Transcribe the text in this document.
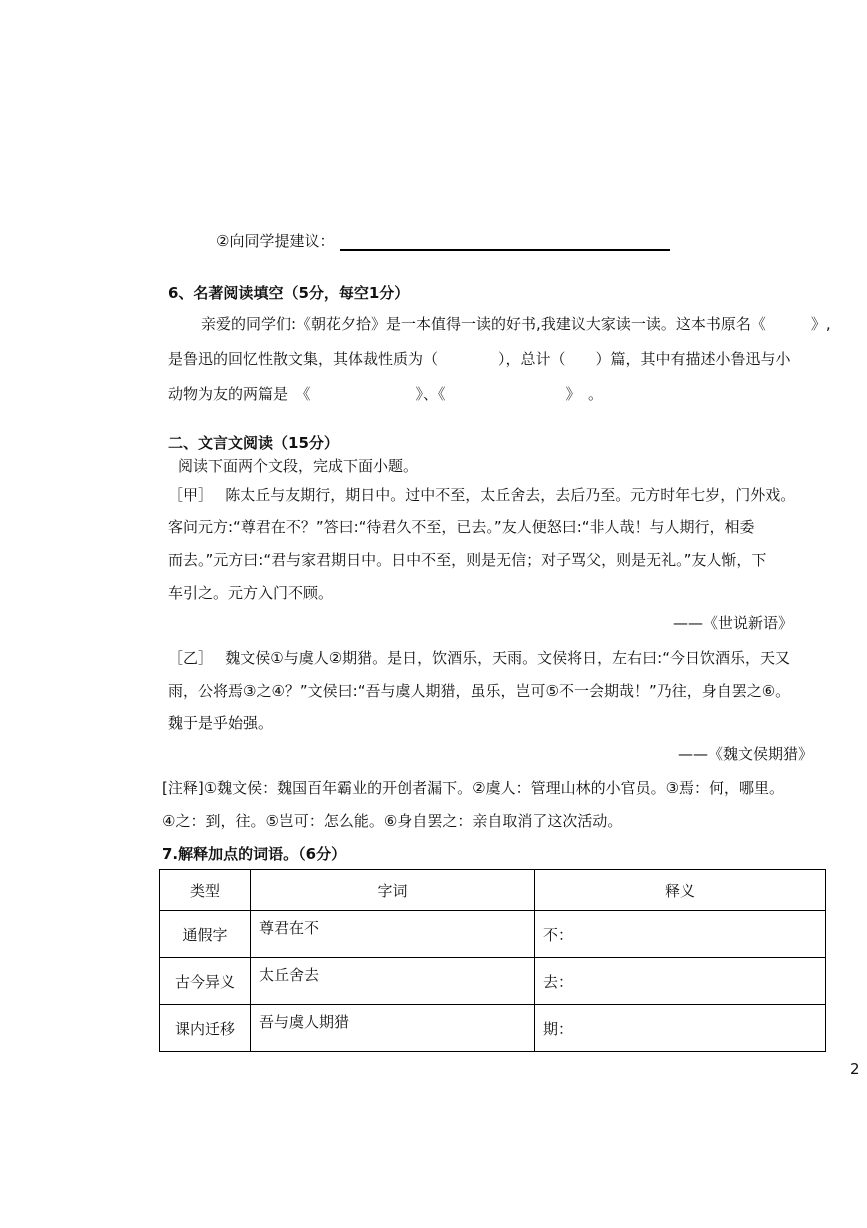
②向同学提建议：
6、名著阅读填空（5分，每空1分）
亲爱的同学们:《朝花夕拾》是一本值得一读的好书,我建议大家读一读。这本书原名《　　　》,
是鲁迅的回忆性散文集，其体裁性质为（　　　　），总计（　　）篇，其中有描述小鲁迅与小
动物为友的两篇是　《　　　　　　　》、《　　　　　　　　》　。
二、文言文阅读（15分）
阅读下面两个文段，完成下面小题。
［甲］　 陈太丘与友期行，期日中。过中不至，太丘舍去，去后乃至。元方时年七岁，门外戏。
客问元方:“尊君在不？”答曰:“待君久不至，已去。”友人便怒曰:“非人哉！与人期行，相委
而去。”元方曰:“君与家君期日中。日中不至，则是无信；对子骂父，则是无礼。”友人惭，下
车引之。元方入门不顾。
——《世说新语》
［乙］　 魏文侯①与虞人②期猎。是日，饮酒乐，天雨。文侯将日，左右曰:“今日饮酒乐，天又
雨，公将焉③之④？”文侯曰:“吾与虞人期猎，虽乐，岂可⑤不一会期哉！”乃往，身自罢之⑥。
魏于是乎始强。
——《魏文侯期猎》
[注释]①魏文侯：魏国百年霸业的开创者漏下。②虞人：管理山林的小官员。③焉：何，哪里。
④之：到，往。⑤岂可：怎么能。⑥身自罢之：亲自取消了这次活动。
7.解释加点的词语。（6分）
类型	字词	释义
通假字	尊君在不	不：
古今异义	太丘舍去	去：
课内迁移	吾与虞人期猎	期：
2
